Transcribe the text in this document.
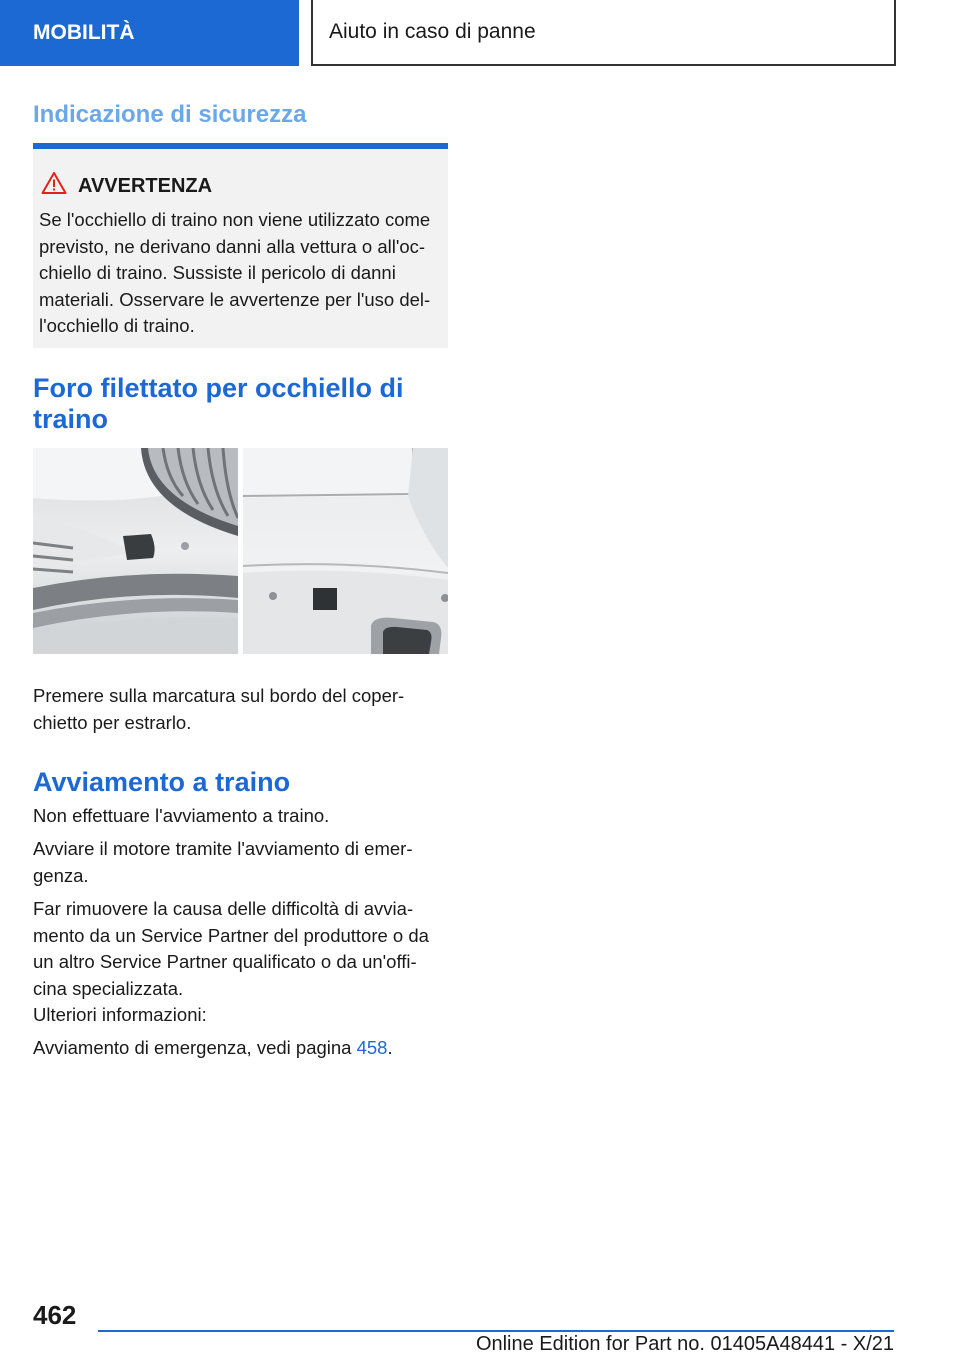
MOBILITÀ	Aiuto in caso di panne
Indicazione di sicurezza
AVVERTENZA

Se l'occhiello di traino non viene utilizzato come previsto, ne derivano danni alla vettura o all'oc-chiello di traino. Sussiste il pericolo di danni materiali. Osservare le avvertenze per l'uso del-l'occhiello di traino.

Foro filettato per occhiello di traino

Premere sulla marcatura sul bordo del coper-chietto per estrarlo.

Avviamento a traino

Non effettuare l'avviamento a traino.

Avviare il motore tramite l'avviamento di emer-genza.

Far rimuovere la causa delle difficoltà di avvia-mento da un Service Partner del produttore o da un altro Service Partner qualificato o da un'offi-cina specializzata.

Ulteriori informazioni:

Avviamento di emergenza, vedi pagina 458.

462
Online Edition for Part no. 01405A48441 - X/21
